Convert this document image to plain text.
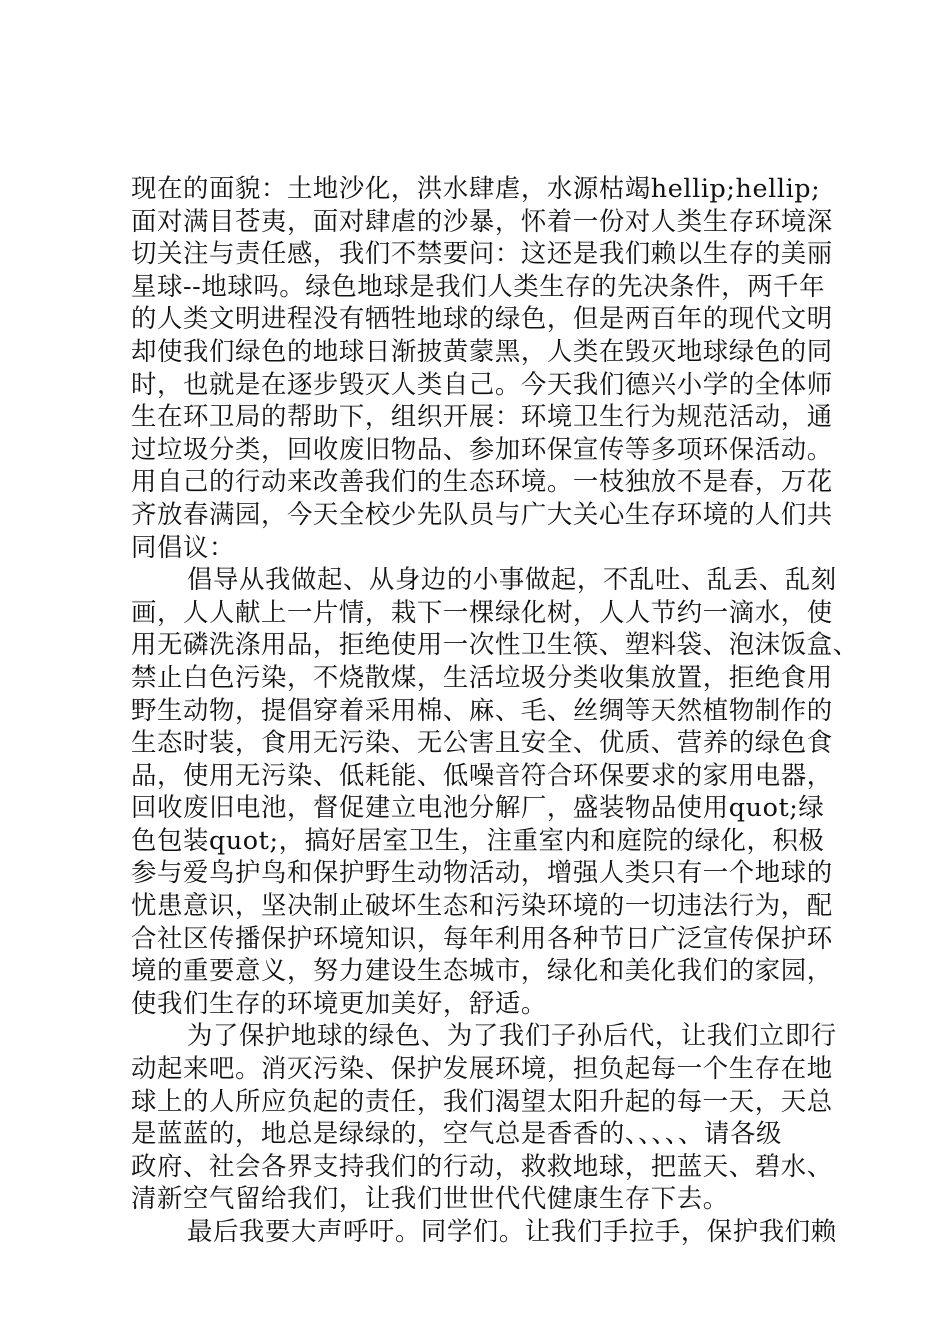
现在的面貌：土地沙化，洪水肆虐，水源枯竭hellip;hellip;
面对满目苍夷，面对肆虐的沙暴，怀着一份对人类生存环境深
切关注与责任感，我们不禁要问：这还是我们赖以生存的美丽
星球--地球吗。绿色地球是我们人类生存的先决条件，两千年
的人类文明进程没有牺牲地球的绿色，但是两百年的现代文明
却使我们绿色的地球日渐披黄蒙黑，人类在毁灭地球绿色的同
时，也就是在逐步毁灭人类自己。今天我们德兴小学的全体师
生在环卫局的帮助下，组织开展：环境卫生行为规范活动，通
过垃圾分类，回收废旧物品、参加环保宣传等多项环保活动。
用自己的行动来改善我们的生态环境。一枝独放不是春，万花
齐放春满园，今天全校少先队员与广大关心生存环境的人们共
同倡议：
倡导从我做起、从身边的小事做起，不乱吐、乱丢、乱刻
画，人人献上一片情，栽下一棵绿化树，人人节约一滴水，使
用无磷洗涤用品，拒绝使用一次性卫生筷、塑料袋、泡沫饭盒、
禁止白色污染，不烧散煤，生活垃圾分类收集放置，拒绝食用
野生动物，提倡穿着采用棉、麻、毛、丝绸等天然植物制作的
生态时装，食用无污染、无公害且安全、优质、营养的绿色食
品，使用无污染、低耗能、低噪音符合环保要求的家用电器，
回收废旧电池，督促建立电池分解厂，盛装物品使用quot;绿
色包装quot;，搞好居室卫生，注重室内和庭院的绿化，积极
参与爱鸟护鸟和保护野生动物活动，增强人类只有一个地球的
忧患意识，坚决制止破坏生态和污染环境的一切违法行为，配
合社区传播保护环境知识，每年利用各种节日广泛宣传保护环
境的重要意义，努力建设生态城市，绿化和美化我们的家园，
使我们生存的环境更加美好，舒适。
为了保护地球的绿色、为了我们子孙后代，让我们立即行
动起来吧。消灭污染、保护发展环境，担负起每一个生存在地
球上的人所应负起的责任，我们渴望太阳升起的每一天，天总
是蓝蓝的，地总是绿绿的，空气总是香香的、、、、、请各级
政府、社会各界支持我们的行动，救救地球，把蓝天、碧水、
清新空气留给我们，让我们世世代代健康生存下去。
最后我要大声呼吁。同学们。让我们手拉手，保护我们赖
